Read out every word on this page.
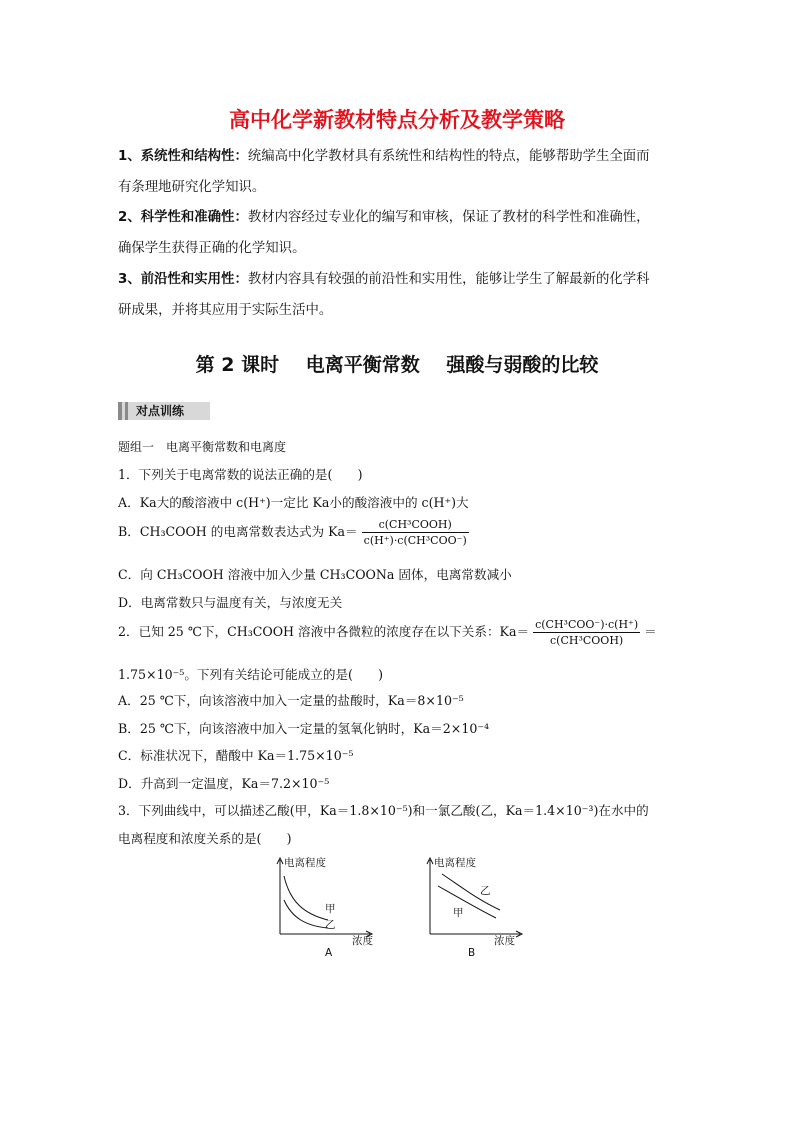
高中化学新教材特点分析及教学策略
1、系统性和结构性：统编高中化学教材具有系统性和结构性的特点，能够帮助学生全面而
有条理地研究化学知识。
2、科学性和准确性：教材内容经过专业化的编写和审核，保证了教材的科学性和准确性，
确保学生获得正确的化学知识。
3、前沿性和实用性：教材内容具有较强的前沿性和实用性，能够让学生了解最新的化学科
研成果，并将其应用于实际生活中。
第 2 课时 电离平衡常数 强酸与弱酸的比较
对点训练
题组一　电离平衡常数和电离度
1．下列关于电离常数的说法正确的是(　　)
A．Ka大的酸溶液中 c(H⁺)一定比 Ka小的酸溶液中的 c(H⁺)大
B．CH₃COOH 的电离常数表达式为 $Ka= \frac{\text{c(CH³COOH)}}{\text{c(H⁺)·c(CH³COO⁻)}}$
C．向 CH₃COOH 溶液中加入少量 CH₃COONa 固体，电离常数减小
D．电离常数只与温度有关，与浓度无关
2．已知 25 ℃下，CH₃COOH 溶液中各微粒的浓度存在以下关系：$Ka= \frac{\text{c(CH³COO⁻)·c(H⁺)}}{\text{c(CH³COOH)}}$ ＝
1.75×10⁻⁵。下列有关结论可能成立的是(　　)
A．25 ℃下，向该溶液中加入一定量的盐酸时，Ka＝8×10⁻⁵
B．25 ℃下，向该溶液中加入一定量的氢氧化钠时，Ka＝2×10⁻⁴
C．标准状况下，醋酸中 Ka＝1.75×10⁻⁵
D．升高到一定温度，Ka＝7.2×10⁻⁵
3．下列曲线中，可以描述乙酸(甲，Ka＝1.8×10⁻⁵)和一氯乙酸(乙，Ka＝1.4×10⁻³)在水中的
电离程度和浓度关系的是(　　)
电离程度
甲
乙
浓度
A
电离程度
乙
甲
浓度
B
